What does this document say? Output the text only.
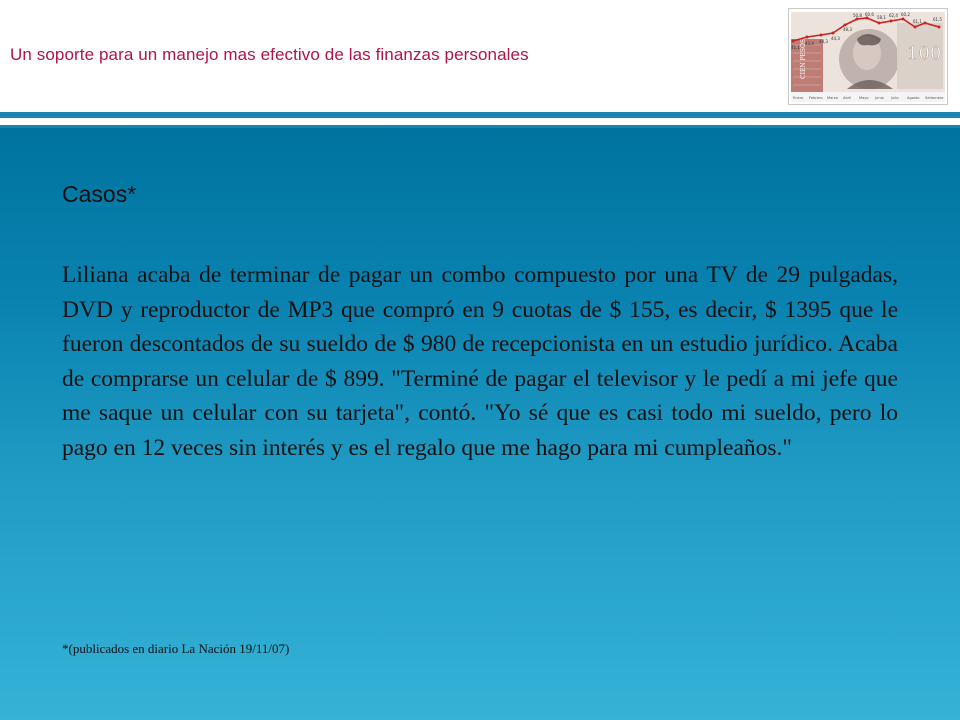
Un soporte para un manejo mas efectivo de las finanzas personales	CIEN PESOS	100
41,1
43,4 44,3
44,3
48,3
50,8 60,6
58,1 62,4 60,2
61,1	61,5
Enero Febrero Marzo Abril Mayo Junio Julio Agosto Setiembre
Casos*
Liliana acaba de terminar de pagar un combo compuesto por una TV de 29 pulgadas, DVD y reproductor de MP3 que compró en 9 cuotas de $ 155, es decir, $ 1395 que le fueron descontados de su sueldo de $ 980 de recepcionista en un estudio jurídico. Acaba de comprarse un celular de $ 899. "Terminé de pagar el televisor y le pedí a mi jefe que me saque un celular con su tarjeta", contó. "Yo sé que es casi todo mi sueldo, pero lo pago en 12 veces sin interés y es el regalo que me hago para mi cumpleaños."
*(publicados en diario La Nación 19/11/07)
